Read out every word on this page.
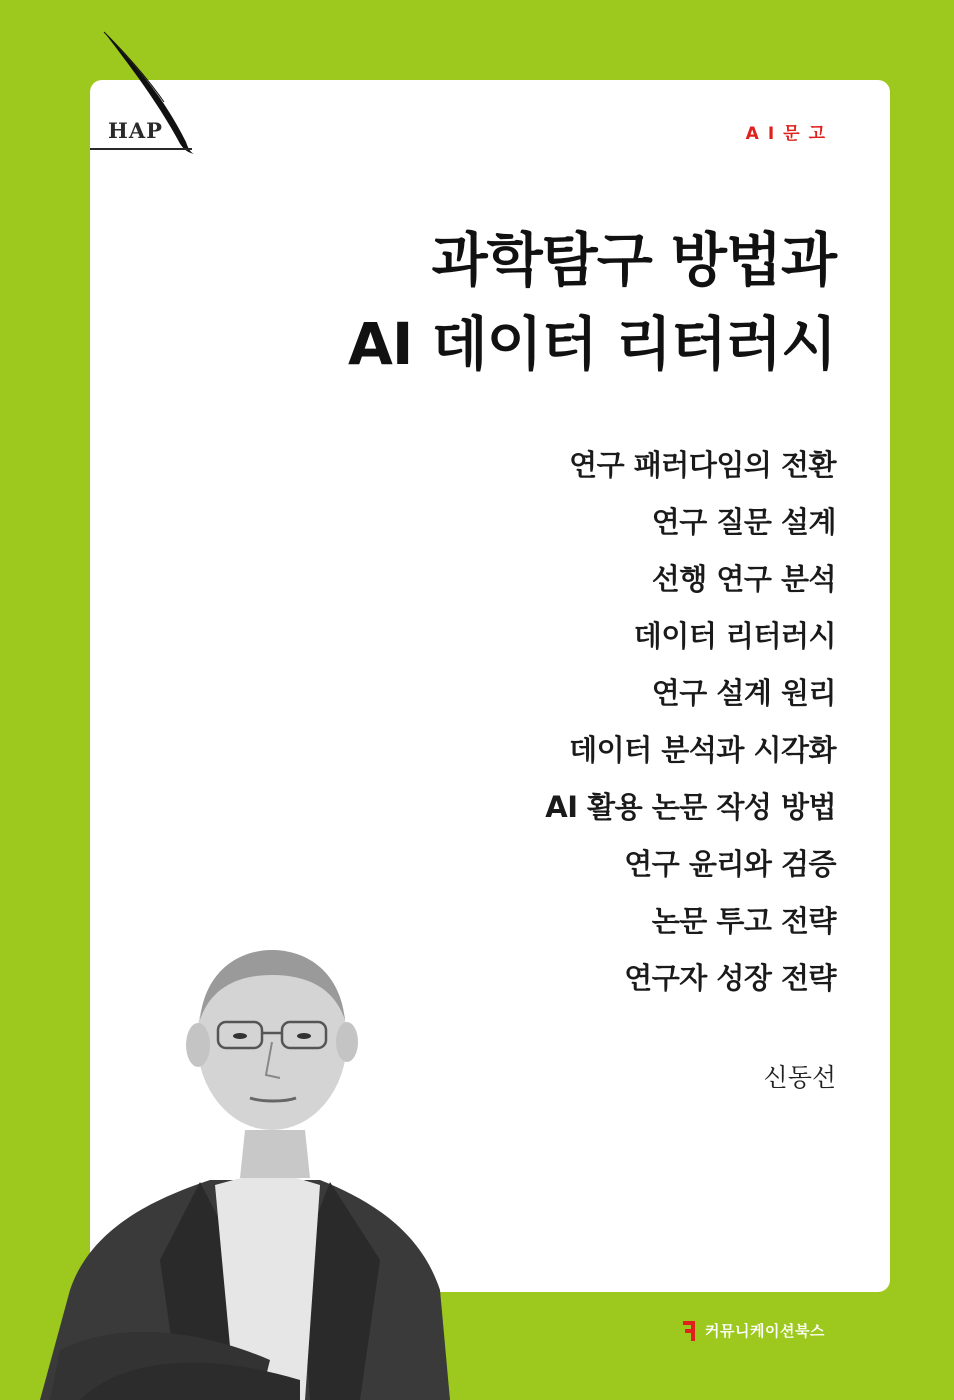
HAP	AI문고
과학탐구 방법과
AI 데이터 리터러시
연구 패러다임의 전환
연구 질문 설계
선행 연구 분석
데이터 리터러시
연구 설계 원리
데이터 분석과 시각화
AI 활용 논문 작성 방법
연구 윤리와 검증
논문 투고 전략
연구자 성장 전략
신동선
커뮤니케이션북스
